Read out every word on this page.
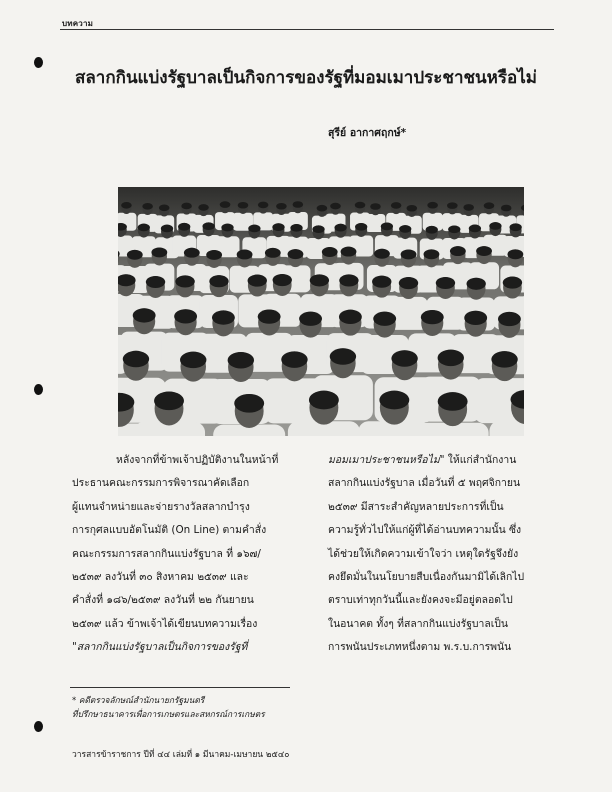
บทความ
สลากกินแบ่งรัฐบาลเป็นกิจการของรัฐที่มอมเมาประชาชนหรือไม่
สุรีย์ อากาศฤกษ์*

หลังจากที่ข้าพเจ้าปฏิบัติงานในหน้าที่

ประธานคณะกรรมการพิจารณาคัดเลือก

ผู้แทนจำหน่ายและจ่ายรางวัลสลากบำรุง

การกุศลแบบอัตโนมัติ (On Line) ตามคำสั่ง

คณะกรรมการสลากกินแบ่งรัฐบาล ที่ ๑๖๗/

๒๕๓๙ ลงวันที่ ๓๐ สิงหาคม ๒๕๓๙ และ

คำสั่งที่ ๑๘๖/๒๕๓๙ ลงวันที่ ๒๒ กันยายน

๒๕๓๙ แล้ว ข้าพเจ้าได้เขียนบทความเรื่อง

"สลากกินแบ่งรัฐบาลเป็นกิจการของรัฐที่

มอมเมาประชาชนหรือไม่" ให้แก่สำนักงาน

สลากกินแบ่งรัฐบาล เมื่อวันที่ ๕ พฤศจิกายน

๒๕๓๙ มีสาระสำคัญหลายประการที่เป็น

ความรู้ทั่วไปให้แก่ผู้ที่ได้อ่านบทความนั้น ซึ่ง

ได้ช่วยให้เกิดความเข้าใจว่า เหตุใดรัฐจึงยัง

คงยึดมั่นในนโยบายสืบเนื่องกันมามิได้เลิกไป

ตราบเท่าทุกวันนี้และยังคงจะมีอยู่ตลอดไป

ในอนาคต ทั้งๆ ที่สลากกินแบ่งรัฐบาลเป็น

การพนันประเภทหนึ่งตาม พ.ร.บ.การพนัน

* คดีตรวจลักษณ์สำนักนายกรัฐมนตรี

ที่ปรึกษาธนาคารเพื่อการเกษตรและสหกรณ์การเกษตร

วารสารข้าราชการ ปีที่ ๔๔ เล่มที่ ๑ มีนาคม-เมษายน ๒๕๔๐
